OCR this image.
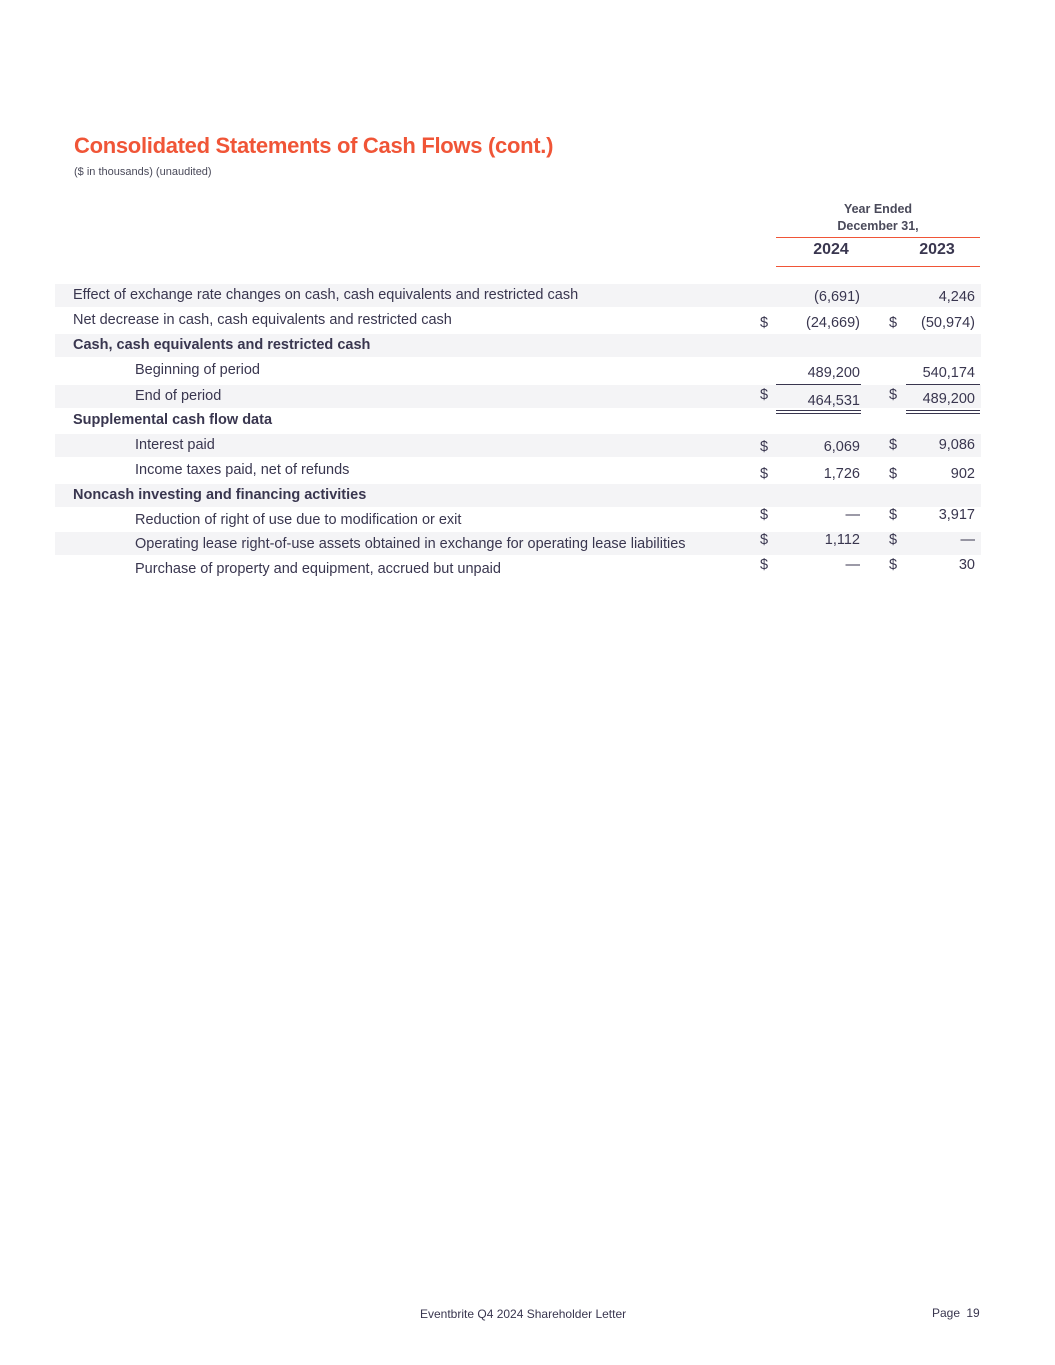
Consolidated Statements of Cash Flows (cont.)
($ in thousands) (unaudited)
Year Ended
December 31,
2024	2023
Effect of exchange rate changes on cash, cash equivalents and restricted cash	(6,691)	4,246
Net decrease in cash, cash equivalents and restricted cash	$	(24,669) $ (50,974)
Cash, cash equivalents and restricted cash
Beginning of period	489,200	540,174
End of period	$	464,531 $ 489,200
Supplemental cash flow data
Interest paid	$	6,069 $	9,086
Income taxes paid, net of refunds	$	1,726 $	902
Noncash investing and financing activities
Reduction of right of use due to modification or exit	$	— $	3,917
Operating lease right-of-use assets obtained in exchange for operating lease liabilities	$	1,112 $	—
Purchase of property and equipment, accrued but unpaid	$	— $	30
Eventbrite Q4 2024 Shareholder Letter	Page 19
